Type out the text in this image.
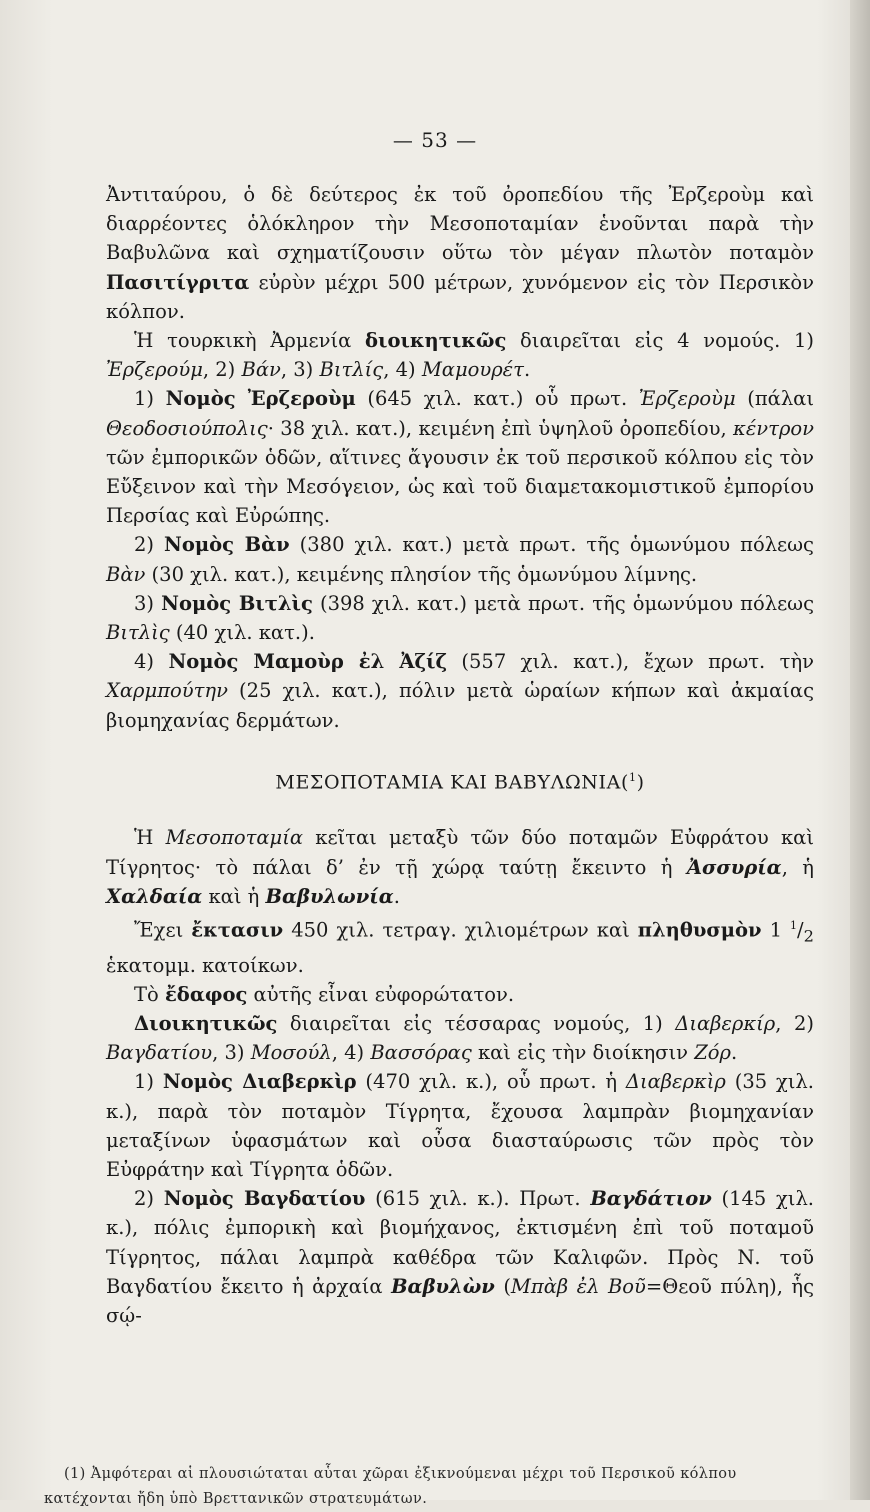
— 53 —

Ἀντιταύρου, ὁ δὲ δεύτερος ἐκ τοῦ ὀροπεδίου τῆς Ἐρζεροὺμ καὶ διαρρέοντες ὁλόκληρον τὴν Μεσοποταμίαν ἑνοῦνται παρὰ τὴν Βαβυλῶνα καὶ σχηματίζουσιν οὕτω τὸν μέγαν πλωτὸν ποταμὸν Πασιτίγριτα εὐρὺν μέχρι 500 μέτρων, χυνόμενον εἰς τὸν Περσικὸν κόλπον.

Ἡ τουρκικὴ Ἀρμενία διοικητικῶς διαιρεῖται εἰς 4 νομούς. 1) Ἐρζερούμ, 2) Βάν, 3) Βιτλίς, 4) Μαμουρέτ.

1) Νομὸς Ἐρζεροὺμ (645 χιλ. κατ.) οὗ πρωτ. Ἐρζεροὺμ (πάλαι Θεοδοσιούπολις· 38 χιλ. κατ.), κειμένη ἐπὶ ὑψηλοῦ ὀροπεδίου, κέντρον τῶν ἐμπορικῶν ὁδῶν, αἵτινες ἄγουσιν ἐκ τοῦ περσικοῦ κόλπου εἰς τὸν Εὔξεινον καὶ τὴν Μεσόγειον, ὡς καὶ τοῦ διαμετακομιστικοῦ ἐμπορίου Περσίας καὶ Εὐρώπης.

2) Νομὸς Βὰν (380 χιλ. κατ.) μετὰ πρωτ. τῆς ὁμωνύμου πόλεως Βὰν (30 χιλ. κατ.), κειμένης πλησίον τῆς ὁμωνύμου λίμνης.

3) Νομὸς Βιτλὶς (398 χιλ. κατ.) μετὰ πρωτ. τῆς ὁμωνύμου πόλεως Βιτλὶς (40 χιλ. κατ.).

4) Νομὸς Μαμοὺρ ἐλ Ἀζίζ (557 χιλ. κατ.), ἔχων πρωτ. τὴν Χαρμπούτην (25 χιλ. κατ.), πόλιν μετὰ ὡραίων κήπων καὶ ἀκμαίας βιομηχανίας δερμάτων.

ΜΕΣΟΠΟΤΑΜΙΑ ΚΑΙ ΒΑΒΥΛΩΝΙΑ($^1$)

Ἡ Μεσοποταμία κεῖται μεταξὺ τῶν δύο ποταμῶν Εὐφράτου καὶ Τίγρητος· τὸ πάλαι δ’ ἐν τῇ χώρᾳ ταύτῃ ἔκειντο ἡ Ἀσσυρία, ἡ Χαλδαία καὶ ἡ Βαβυλωνία.

Ἔχει ἔκτασιν 450 χιλ. τετραγ. χιλιομέτρων καὶ πληθυσμὸν 1 $^1/_2$ ἑκατομμ. κατοίκων.

Τὸ ἔδαφος αὐτῆς εἶναι εὐφορώτατον.

Διοικητικῶς διαιρεῖται εἰς τέσσαρας νομούς, 1) Διαβερκίρ, 2) Βαγδατίου, 3) Μοσούλ, 4) Βασσόρας καὶ εἰς τὴν διοίκησιν Ζόρ.

1) Νομὸς Διαβερκὶρ (470 χιλ. κ.), οὗ πρωτ. ἡ Διαβερκὶρ (35 χιλ. κ.), παρὰ τὸν ποταμὸν Τίγρητα, ἔχουσα λαμπρὰν βιομηχανίαν μεταξίνων ὑφασμάτων καὶ οὖσα διασταύρωσις τῶν πρὸς τὸν Εὐφράτην καὶ Τίγρητα ὁδῶν.

2) Νομὸς Βαγδατίου (615 χιλ. κ.). Πρωτ. Βαγδάτιον (145 χιλ. κ.), πόλις ἐμπορικὴ καὶ βιομήχανος, ἐκτισμένη ἐπὶ τοῦ ποταμοῦ Τίγρητος, πάλαι λαμπρὰ καθέδρα τῶν Καλιφῶν. Πρὸς Ν. τοῦ Βαγδατίου ἔκειτο ἡ ἀρχαία Βαβυλὼν (Μπὰβ ἐλ Βοῦ=Θεοῦ πύλη), ἧς σῴ-

(1) Ἀμφότεραι αἱ πλουσιώταται αὗται χῶραι ἐξικνούμεναι μέχρι τοῦ Περσικοῦ κόλπου κατέχονται ἤδη ὑπὸ Βρεττανικῶν στρατευμάτων.
